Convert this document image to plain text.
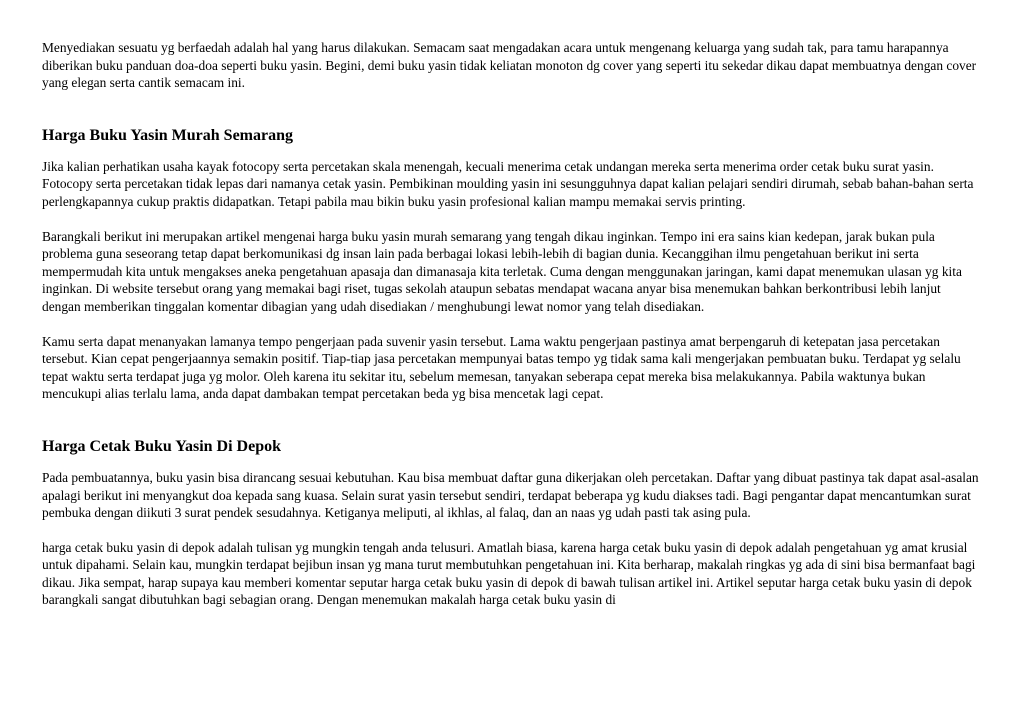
Menyediakan sesuatu yg berfaedah adalah hal yang harus dilakukan. Semacam saat mengadakan acara untuk mengenang keluarga yang sudah tak, para tamu harapannya diberikan buku panduan doa-doa seperti buku yasin. Begini, demi buku yasin tidak keliatan monoton dg cover yang seperti itu sekedar dikau dapat membuatnya dengan cover yang elegan serta cantik semacam ini.

Harga Buku Yasin Murah Semarang

Jika kalian perhatikan usaha kayak fotocopy serta percetakan skala menengah, kecuali menerima cetak undangan mereka serta menerima order cetak buku surat yasin. Fotocopy serta percetakan tidak lepas dari namanya cetak yasin. Pembikinan moulding yasin ini sesungguhnya dapat kalian pelajari sendiri dirumah, sebab bahan-bahan serta perlengkapannya cukup praktis didapatkan. Tetapi pabila mau bikin buku yasin profesional kalian mampu memakai servis printing.

Barangkali berikut ini merupakan artikel mengenai harga buku yasin murah semarang yang tengah dikau inginkan. Tempo ini era sains kian kedepan, jarak bukan pula problema guna seseorang tetap dapat berkomunikasi dg insan lain pada berbagai lokasi lebih-lebih di bagian dunia. Kecanggihan ilmu pengetahuan berikut ini serta mempermudah kita untuk mengakses aneka pengetahuan apasaja dan dimanasaja kita terletak. Cuma dengan menggunakan jaringan, kami dapat menemukan ulasan yg kita inginkan. Di website tersebut orang yang memakai bagi riset, tugas sekolah ataupun sebatas mendapat wacana anyar bisa menemukan bahkan berkontribusi lebih lanjut dengan memberikan tinggalan komentar dibagian yang udah disediakan / menghubungi lewat nomor yang telah disediakan.

Kamu serta dapat menanyakan lamanya tempo pengerjaan pada suvenir yasin tersebut. Lama waktu pengerjaan pastinya amat berpengaruh di ketepatan jasa percetakan tersebut. Kian cepat pengerjaannya semakin positif. Tiap-tiap jasa percetakan mempunyai batas tempo yg tidak sama kali mengerjakan pembuatan buku. Terdapat yg selalu tepat waktu serta terdapat juga yg molor. Oleh karena itu sekitar itu, sebelum memesan, tanyakan seberapa cepat mereka bisa melakukannya. Pabila waktunya bukan mencukupi alias terlalu lama, anda dapat dambakan tempat percetakan beda yg bisa mencetak lagi cepat.

Harga Cetak Buku Yasin Di Depok

Pada pembuatannya, buku yasin bisa dirancang sesuai kebutuhan. Kau bisa membuat daftar guna dikerjakan oleh percetakan. Daftar yang dibuat pastinya tak dapat asal-asalan apalagi berikut ini menyangkut doa kepada sang kuasa. Selain surat yasin tersebut sendiri, terdapat beberapa yg kudu diakses tadi. Bagi pengantar dapat mencantumkan surat pembuka dengan diikuti 3 surat pendek sesudahnya. Ketiganya meliputi, al ikhlas, al falaq, dan an naas yg udah pasti tak asing pula.

harga cetak buku yasin di depok adalah tulisan yg mungkin tengah anda telusuri. Amatlah biasa, karena harga cetak buku yasin di depok adalah pengetahuan yg amat krusial untuk dipahami. Selain kau, mungkin terdapat bejibun insan yg mana turut membutuhkan pengetahuan ini. Kita berharap, makalah ringkas yg ada di sini bisa bermanfaat bagi dikau. Jika sempat, harap supaya kau memberi komentar seputar harga cetak buku yasin di depok di bawah tulisan artikel ini. Artikel seputar harga cetak buku yasin di depok barangkali sangat dibutuhkan bagi sebagian orang. Dengan menemukan makalah harga cetak buku yasin di
